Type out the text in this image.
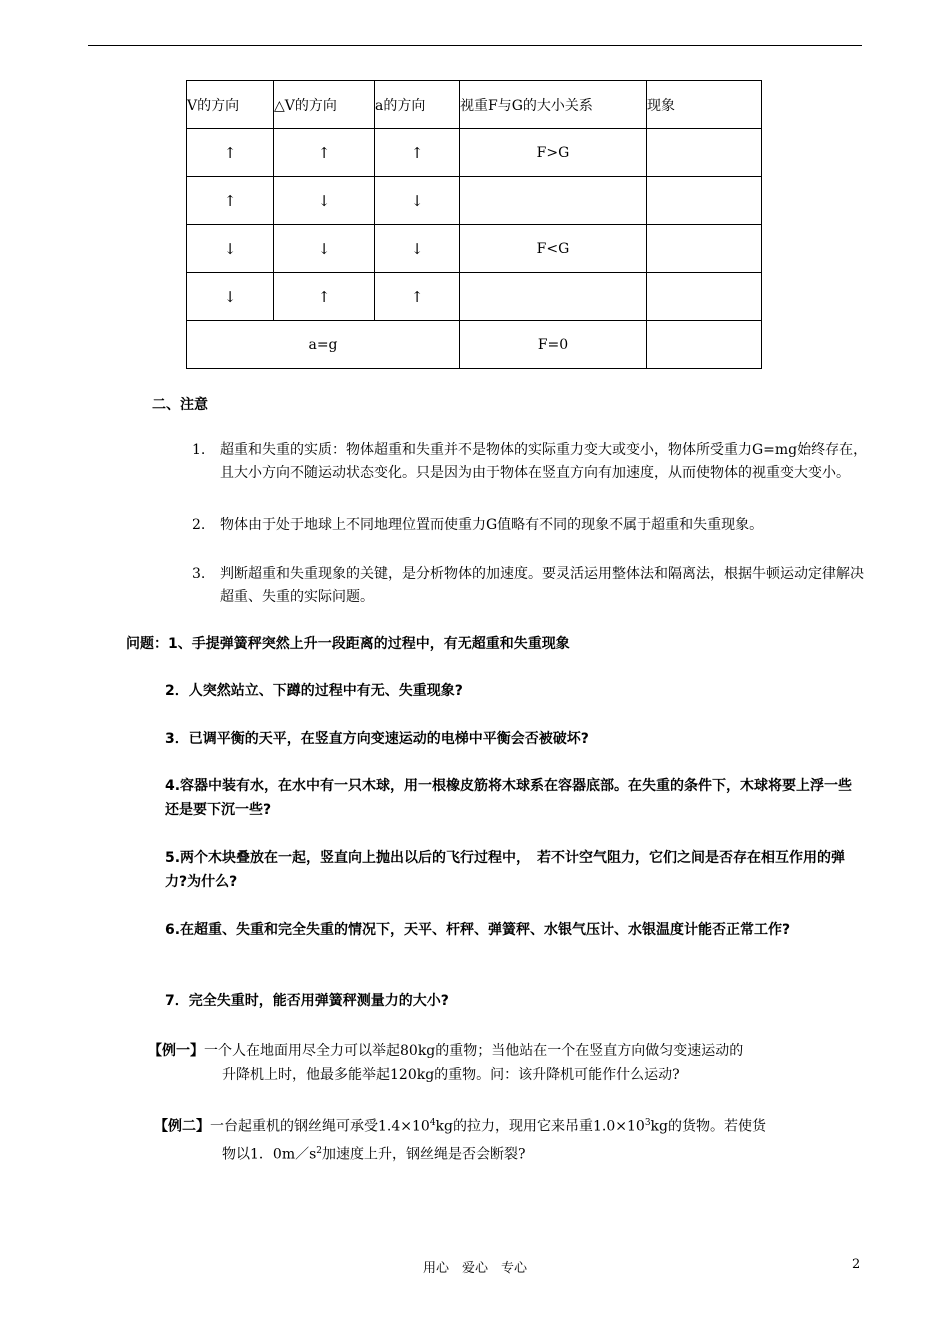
V的方向	△V的方向	a的方向	视重F与G的大小关系	现象
↑	↑	↑	F>G	
↑	↓	↓		
↓	↓	↓	F<G	
↓	↑	↑		
a=g			F=0	
二、注意
1.	超重和失重的实质：物体超重和失重并不是物体的实际重力变大或变小，物体所受重力G=mg始终存在，且大小方向不随运动状态变化。只是因为由于物体在竖直方向有加速度，从而使物体的视重变大变小。
2.	物体由于处于地球上不同地理位置而使重力G值略有不同的现象不属于超重和失重现象。
3.	判断超重和失重现象的关键，是分析物体的加速度。要灵活运用整体法和隔离法，根据牛顿运动定律解决超重、失重的实际问题。
问题：1、手提弹簧秤突然上升一段距离的过程中，有无超重和失重现象
2．人突然站立、下蹲的过程中有无、失重现象?
3．已调平衡的天平，在竖直方向变速运动的电梯中平衡会否被破坏?
4.容器中装有水，在水中有一只木球，用一根橡皮筋将木球系在容器底部。在失重的条件下，木球将要上浮一些还是要下沉一些?
5.两个木块叠放在一起，竖直向上抛出以后的飞行过程中，　若不计空气阻力，它们之间是否存在相互作用的弹力?为什么?
6.在超重、失重和完全失重的情况下，天平、杆秤、弹簧秤、水银气压计、水银温度计能否正常工作?
7．完全失重时，能否用弹簧秤测量力的大小?
【例一】一个人在地面用尽全力可以举起80kg的重物；当他站在一个在竖直方向做匀变速运动的
升降机上时，他最多能举起120kg的重物。问：该升降机可能作什么运动?
【例二】一台起重机的钢丝绳可承受$1.4\times 10^4kg$的拉力，现用它来吊重$1.0\times 10^3kg$的货物。若使货
物以1．$0m/s^2$加速度上升，钢丝绳是否会断裂?
用心　爱心　专心	2
